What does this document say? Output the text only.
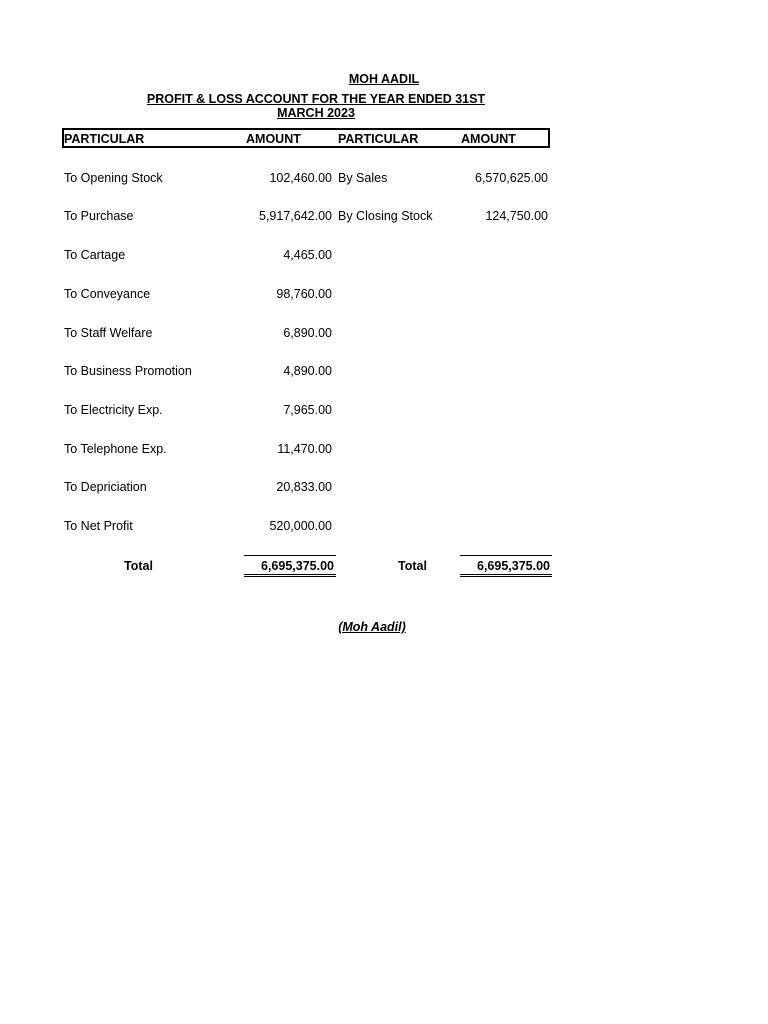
MOH AADIL
PROFIT & LOSS ACCOUNT FOR THE YEAR ENDED 31ST MARCH 2023
PARTICULAR	AMOUNT	PARTICULAR	AMOUNT
To Opening Stock	102,460.00 By Sales	6,570,625.00
To Purchase	5,917,642.00 By Closing Stock	124,750.00
To Cartage	4,465.00
To Conveyance	98,760.00
To Staff Welfare	6,890.00
To Business Promotion	4,890.00
To Electricity Exp.	7,965.00
To Telephone Exp.	11,470.00
To Depriciation	20,833.00
To Net Profit	520,000.00
Total	6,695,375.00	Total	6,695,375.00
(Moh Aadil)
